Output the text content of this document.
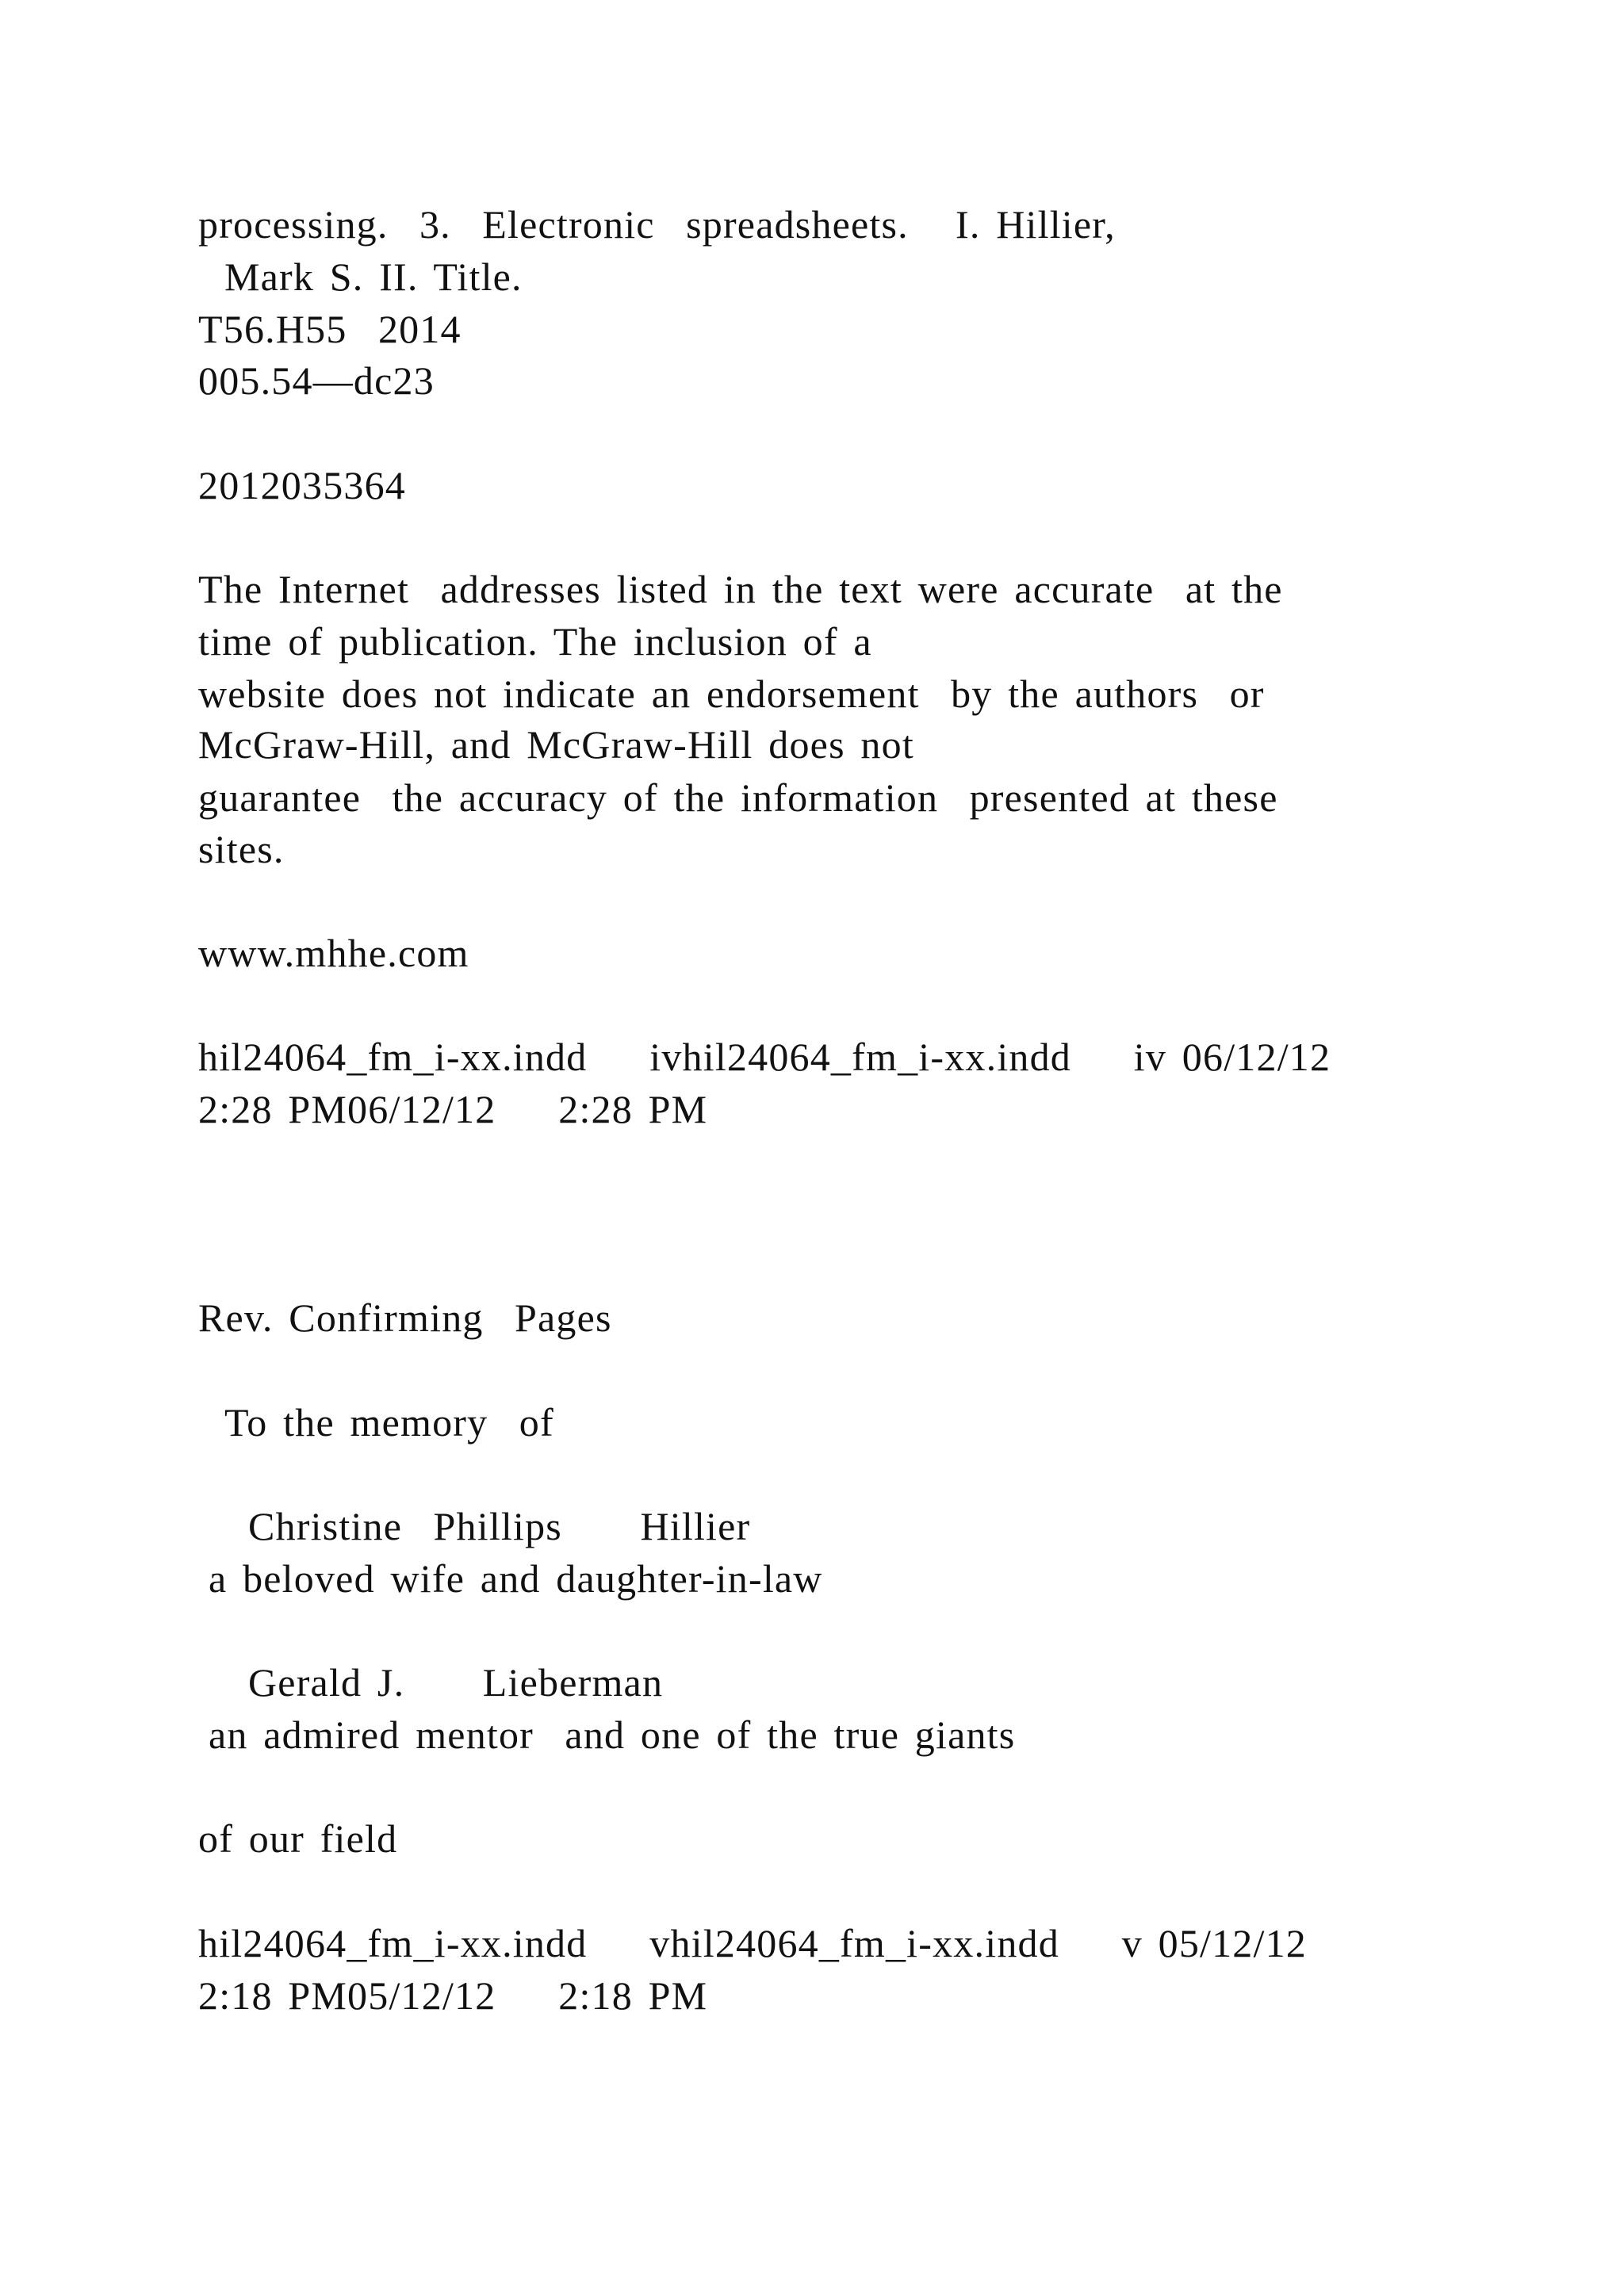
processing.  3.  Electronic  spreadsheets.   I. Hillier,
Mark S. II. Title.
T56.H55  2014
005.54—dc23
2012035364
The Internet  addresses listed in the text were accurate  at the
time of publication. The inclusion of a
website does not indicate an endorsement  by the authors  or
McGraw-Hill, and McGraw-Hill does not
guarantee  the accuracy of the information  presented at these
sites.
www.mhhe.com
hil24064_fm_i-xx.indd    ivhil24064_fm_i-xx.indd    iv 06/12/12
2:28 PM06/12/12    2:28 PM
Rev. Confirming  Pages
To the memory  of
Christine  Phillips     Hillier
a beloved wife and daughter-in-law
Gerald J.     Lieberman
an admired mentor  and one of the true giants
of our field
hil24064_fm_i-xx.indd    vhil24064_fm_i-xx.indd    v 05/12/12
2:18 PM05/12/12    2:18 PM
